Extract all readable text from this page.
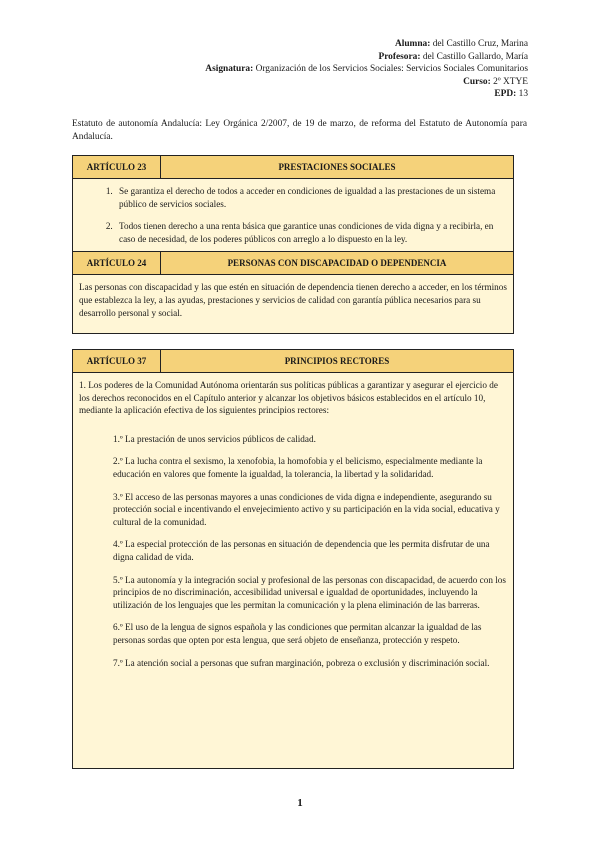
Alumna: del Castillo Cruz, Marina
Profesora: del Castillo Gallardo, María
Asignatura: Organización de los Servicios Sociales: Servicios Sociales Comunitarios
Curso: 2º XTYE
EPD: 13
Estatuto de autonomía Andalucía: Ley Orgánica 2/2007, de 19 de marzo, de reforma del Estatuto de Autonomía para Andalucía.
ARTÍCULO 23	PRESTACIONES SOCIALES
1. Se garantiza el derecho de todos a acceder en condiciones de igualdad a las prestaciones de un sistema público de servicios sociales.
2. Todos tienen derecho a una renta básica que garantice unas condiciones de vida digna y a recibirla, en caso de necesidad, de los poderes públicos con arreglo a lo dispuesto en la ley.
ARTÍCULO 24	PERSONAS CON DISCAPACIDAD O DEPENDENCIA
Las personas con discapacidad y las que estén en situación de dependencia tienen derecho a acceder, en los términos que establezca la ley, a las ayudas, prestaciones y servicios de calidad con garantía pública necesarios para su desarrollo personal y social.
ARTÍCULO 37	PRINCIPIOS RECTORES
1. Los poderes de la Comunidad Autónoma orientarán sus políticas públicas a garantizar y asegurar el ejercicio de los derechos reconocidos en el Capítulo anterior y alcanzar los objetivos básicos establecidos en el artículo 10, mediante la aplicación efectiva de los siguientes principios rectores:
1.º La prestación de unos servicios públicos de calidad.
2.º La lucha contra el sexismo, la xenofobia, la homofobia y el belicismo, especialmente mediante la educación en valores que fomente la igualdad, la tolerancia, la libertad y la solidaridad.
3.º El acceso de las personas mayores a unas condiciones de vida digna e independiente, asegurando su protección social e incentivando el envejecimiento activo y su participación en la vida social, educativa y cultural de la comunidad.
4.º La especial protección de las personas en situación de dependencia que les permita disfrutar de una digna calidad de vida.
5.º La autonomía y la integración social y profesional de las personas con discapacidad, de acuerdo con los principios de no discriminación, accesibilidad universal e igualdad de oportunidades, incluyendo la utilización de los lenguajes que les permitan la comunicación y la plena eliminación de las barreras.
6.º El uso de la lengua de signos española y las condiciones que permitan alcanzar la igualdad de las personas sordas que opten por esta lengua, que será objeto de enseñanza, protección y respeto.
7.º La atención social a personas que sufran marginación, pobreza o exclusión y discriminación social.
1
